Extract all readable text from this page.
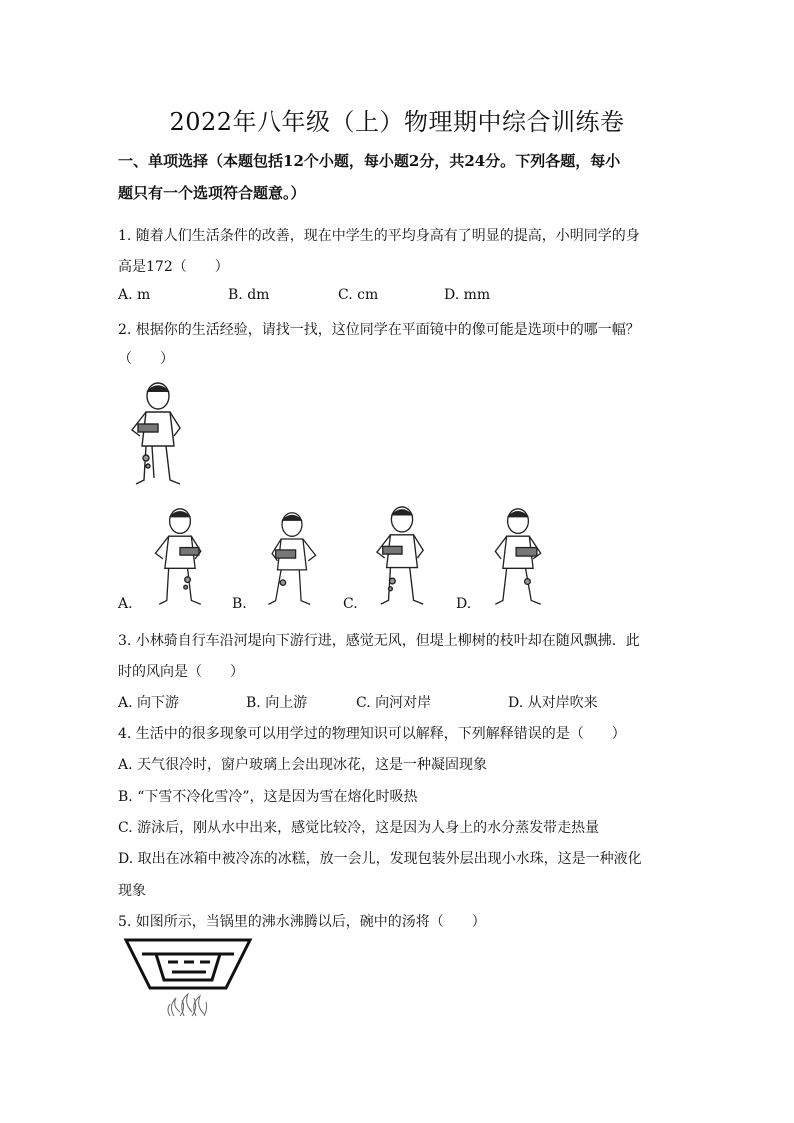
2022年八年级（上）物理期中综合训练卷
一、单项选择（本题包括12个小题，每小题2分，共24分。下列各题，每小
题只有一个选项符合题意。）
1. 随着人们生活条件的改善，现在中学生的平均身高有了明显的提高，小明同学的身
高是172（　　）
A. m	B. dm	C. cm	D. mm
2. 根据你的生活经验，请找一找，这位同学在平面镜中的像可能是选项中的哪一幅？
（　　）
A.	B.	C.	D.
3. 小林骑自行车沿河堤向下游行进，感觉无风，但堤上柳树的枝叶却在随风飘拂．此
时的风向是（　　）
A. 向下游	B. 向上游	C. 向河对岸	D. 从对岸吹来
4. 生活中的很多现象可以用学过的物理知识可以解释，下列解释错误的是（　　）
A. 天气很冷时，窗户玻璃上会出现冰花，这是一种凝固现象
B. “下雪不冷化雪冷”，这是因为雪在熔化时吸热
C. 游泳后，刚从水中出来，感觉比较冷，这是因为人身上的水分蒸发带走热量
D. 取出在冰箱中被冷冻的冰糕，放一会儿，发现包装外层出现小水珠，这是一种液化
现象
5. 如图所示，当锅里的沸水沸腾以后，碗中的汤将（　　）
